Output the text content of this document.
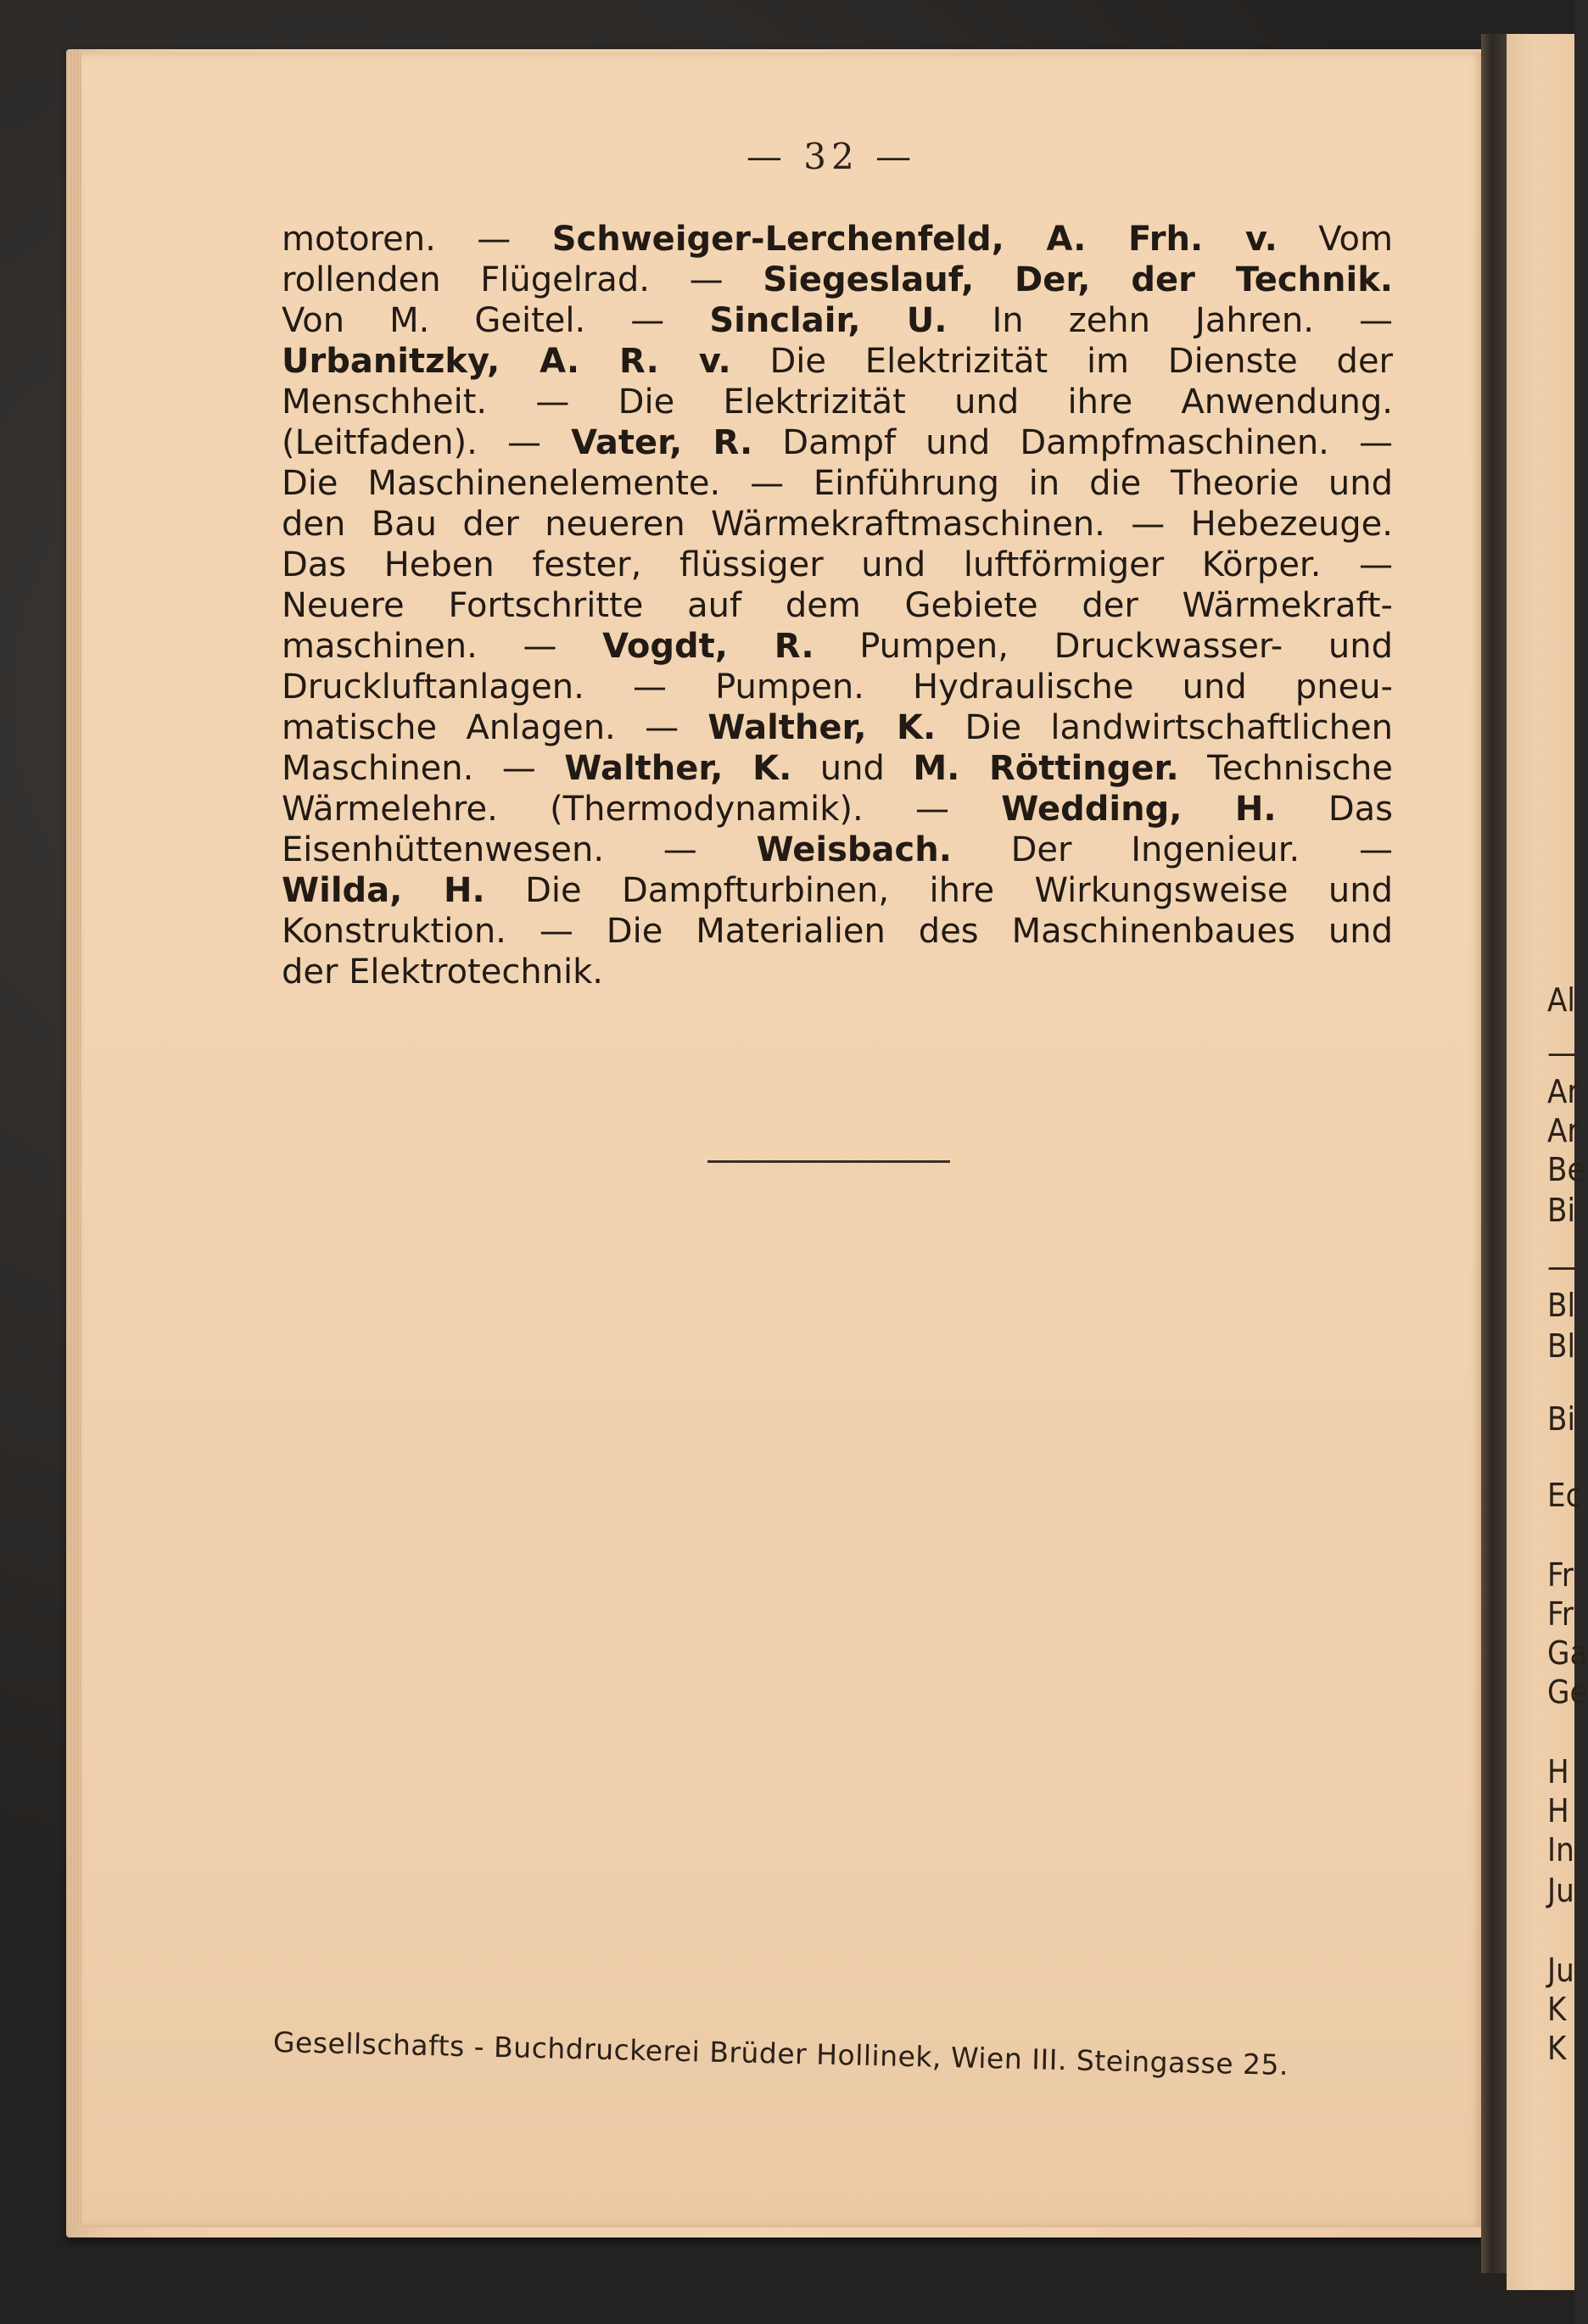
Al
—
Ar
Ar
Be
Bi
—
Bl
Bl
Bi
Ec
Fr
Fr
Ga
Ge
H
H
In
Ju
Ju
K
K
— 32 —
motoren. — Schweiger-Lerchenfeld, A. Frh. v. Vom
rollenden Flügelrad. — Siegeslauf, Der, der Technik.
Von M. Geitel. — Sinclair, U. In zehn Jahren. —
Urbanitzky, A. R. v. Die Elektrizität im Dienste der
Menschheit. — Die Elektrizität und ihre Anwendung.
(Leitfaden). — Vater, R. Dampf und Dampfmaschinen. —
Die Maschinenelemente. — Einführung in die Theorie und
den Bau der neueren Wärmekraftmaschinen. — Hebezeuge.
Das Heben fester, flüssiger und luftförmiger Körper. —
Neuere Fortschritte auf dem Gebiete der Wärmekraft-
maschinen. — Vogdt, R. Pumpen, Druckwasser- und
Druckluftanlagen. — Pumpen. Hydraulische und pneu-
matische Anlagen. — Walther, K. Die landwirtschaftlichen
Maschinen. — Walther, K. und M. Röttinger. Technische
Wärmelehre. (Thermodynamik). — Wedding, H. Das
Eisenhüttenwesen. — Weisbach. Der Ingenieur. —
Wilda, H. Die Dampfturbinen, ihre Wirkungsweise und
Konstruktion. — Die Materialien des Maschinenbaues und
der Elektrotechnik.
Gesellschafts - Buchdruckerei Brüder Hollinek, Wien III. Steingasse 25.
